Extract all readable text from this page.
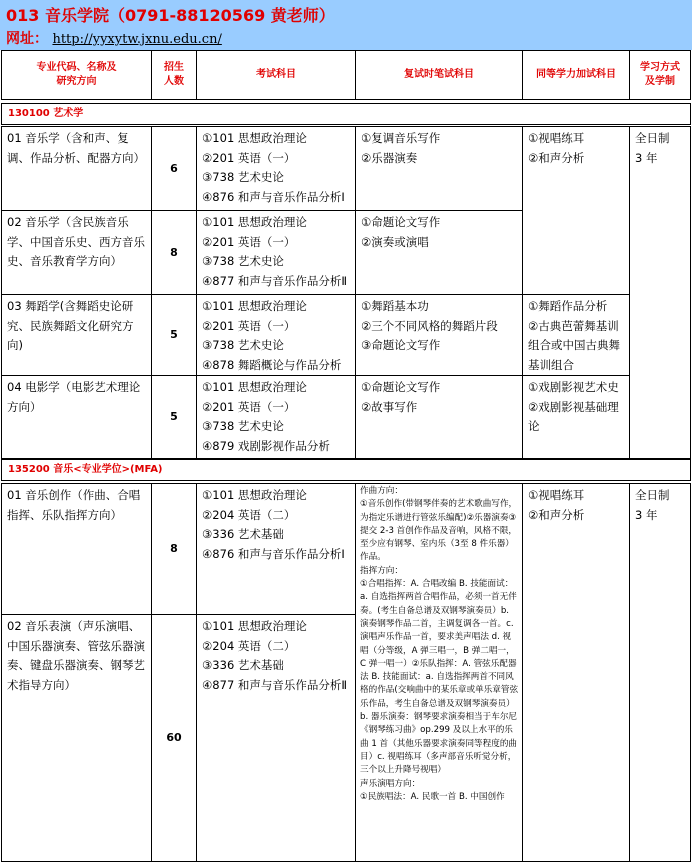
013 音乐学院（0791-88120569 黄老师）
网址： http://yyxytw.jxnu.edu.cn/
专业代码、名称及
研究方向
招生
人数
考试科目	复试时笔试科目	同等学力加试科目
学习方式
及学制
130100 艺术学
01 音乐学（含和声、复调、作品分析、配器方向）
6
①101 思想政治理论
②201 英语（一）
③738 艺术史论
④876 和声与音乐作品分析Ⅰ
①复调音乐写作
②乐器演奏
①视唱练耳
②和声分析
全日制
3 年
02 音乐学（含民族音乐学、中国音乐史、西方音乐史、音乐教育学方向）
8
①101 思想政治理论
②201 英语（一）
③738 艺术史论
④877 和声与音乐作品分析Ⅱ
①命题论文写作
②演奏或演唱
03 舞蹈学(含舞蹈史论研究、民族舞蹈文化研究方向)
5
①101 思想政治理论
②201 英语（一）
③738 艺术史论
④878 舞蹈概论与作品分析
①舞蹈基本功
②三个不同风格的舞蹈片段
③命题论文写作
①舞蹈作品分析
②古典芭蕾舞基训组合或中国古典舞基训组合
04 电影学（电影艺术理论方向）
5
①101 思想政治理论
②201 英语（一）
③738 艺术史论
④879 戏剧影视作品分析
①命题论文写作
②故事写作
①戏剧影视艺术史
②戏剧影视基础理论
135200 音乐<专业学位>(MFA)
01 音乐创作（作曲、合唱指挥、乐队指挥方向）
8
①101 思想政治理论
②204 英语（二）
③336 艺术基础
④876 和声与音乐作品分析Ⅰ
作曲方向：
①音乐创作(带钢琴伴奏的艺术歌曲写作，为指定乐谱进行管弦乐编配)②乐器演奏③提交 2-3 首创作作品及音响，风格不限，至少应有钢琴、室内乐（3至 8 件乐器）作品。
指挥方向：
①合唱指挥：A. 合唱改编 B. 技能面试：a. 自选指挥两首合唱作品，必须一首无伴奏。(考生自备总谱及双钢琴演奏员）b. 演奏钢琴作品二首，主调复调各一首。c. 演唱声乐作品一首，要求美声唱法 d. 视唱（分等级，A 弹三唱一，B 弹二唱一，C 弹一唱一）②乐队指挥：A. 管弦乐配器法 B. 技能面试：a. 自选指挥两首不同风格的作品(交响曲中的某乐章或单乐章管弦乐作品，考生自备总谱及双钢琴演奏员）b. 器乐演奏：钢琴要求演奏相当于车尔尼《钢琴练习曲》op.299 及以上水平的乐曲 1 首（其他乐器要求演奏同等程度的曲目）c. 视唱练耳（多声部音乐听觉分析，三个以上升降号视唱）
声乐演唱方向：
①民族唱法：A. 民歌一首 B. 中国创作
①视唱练耳
②和声分析
全日制
3 年
02 音乐表演（声乐演唱、中国乐器演奏、管弦乐器演奏、键盘乐器演奏、钢琴艺术指导方向）
60
①101 思想政治理论
②204 英语（二）
③336 艺术基础
④877 和声与音乐作品分析Ⅱ
